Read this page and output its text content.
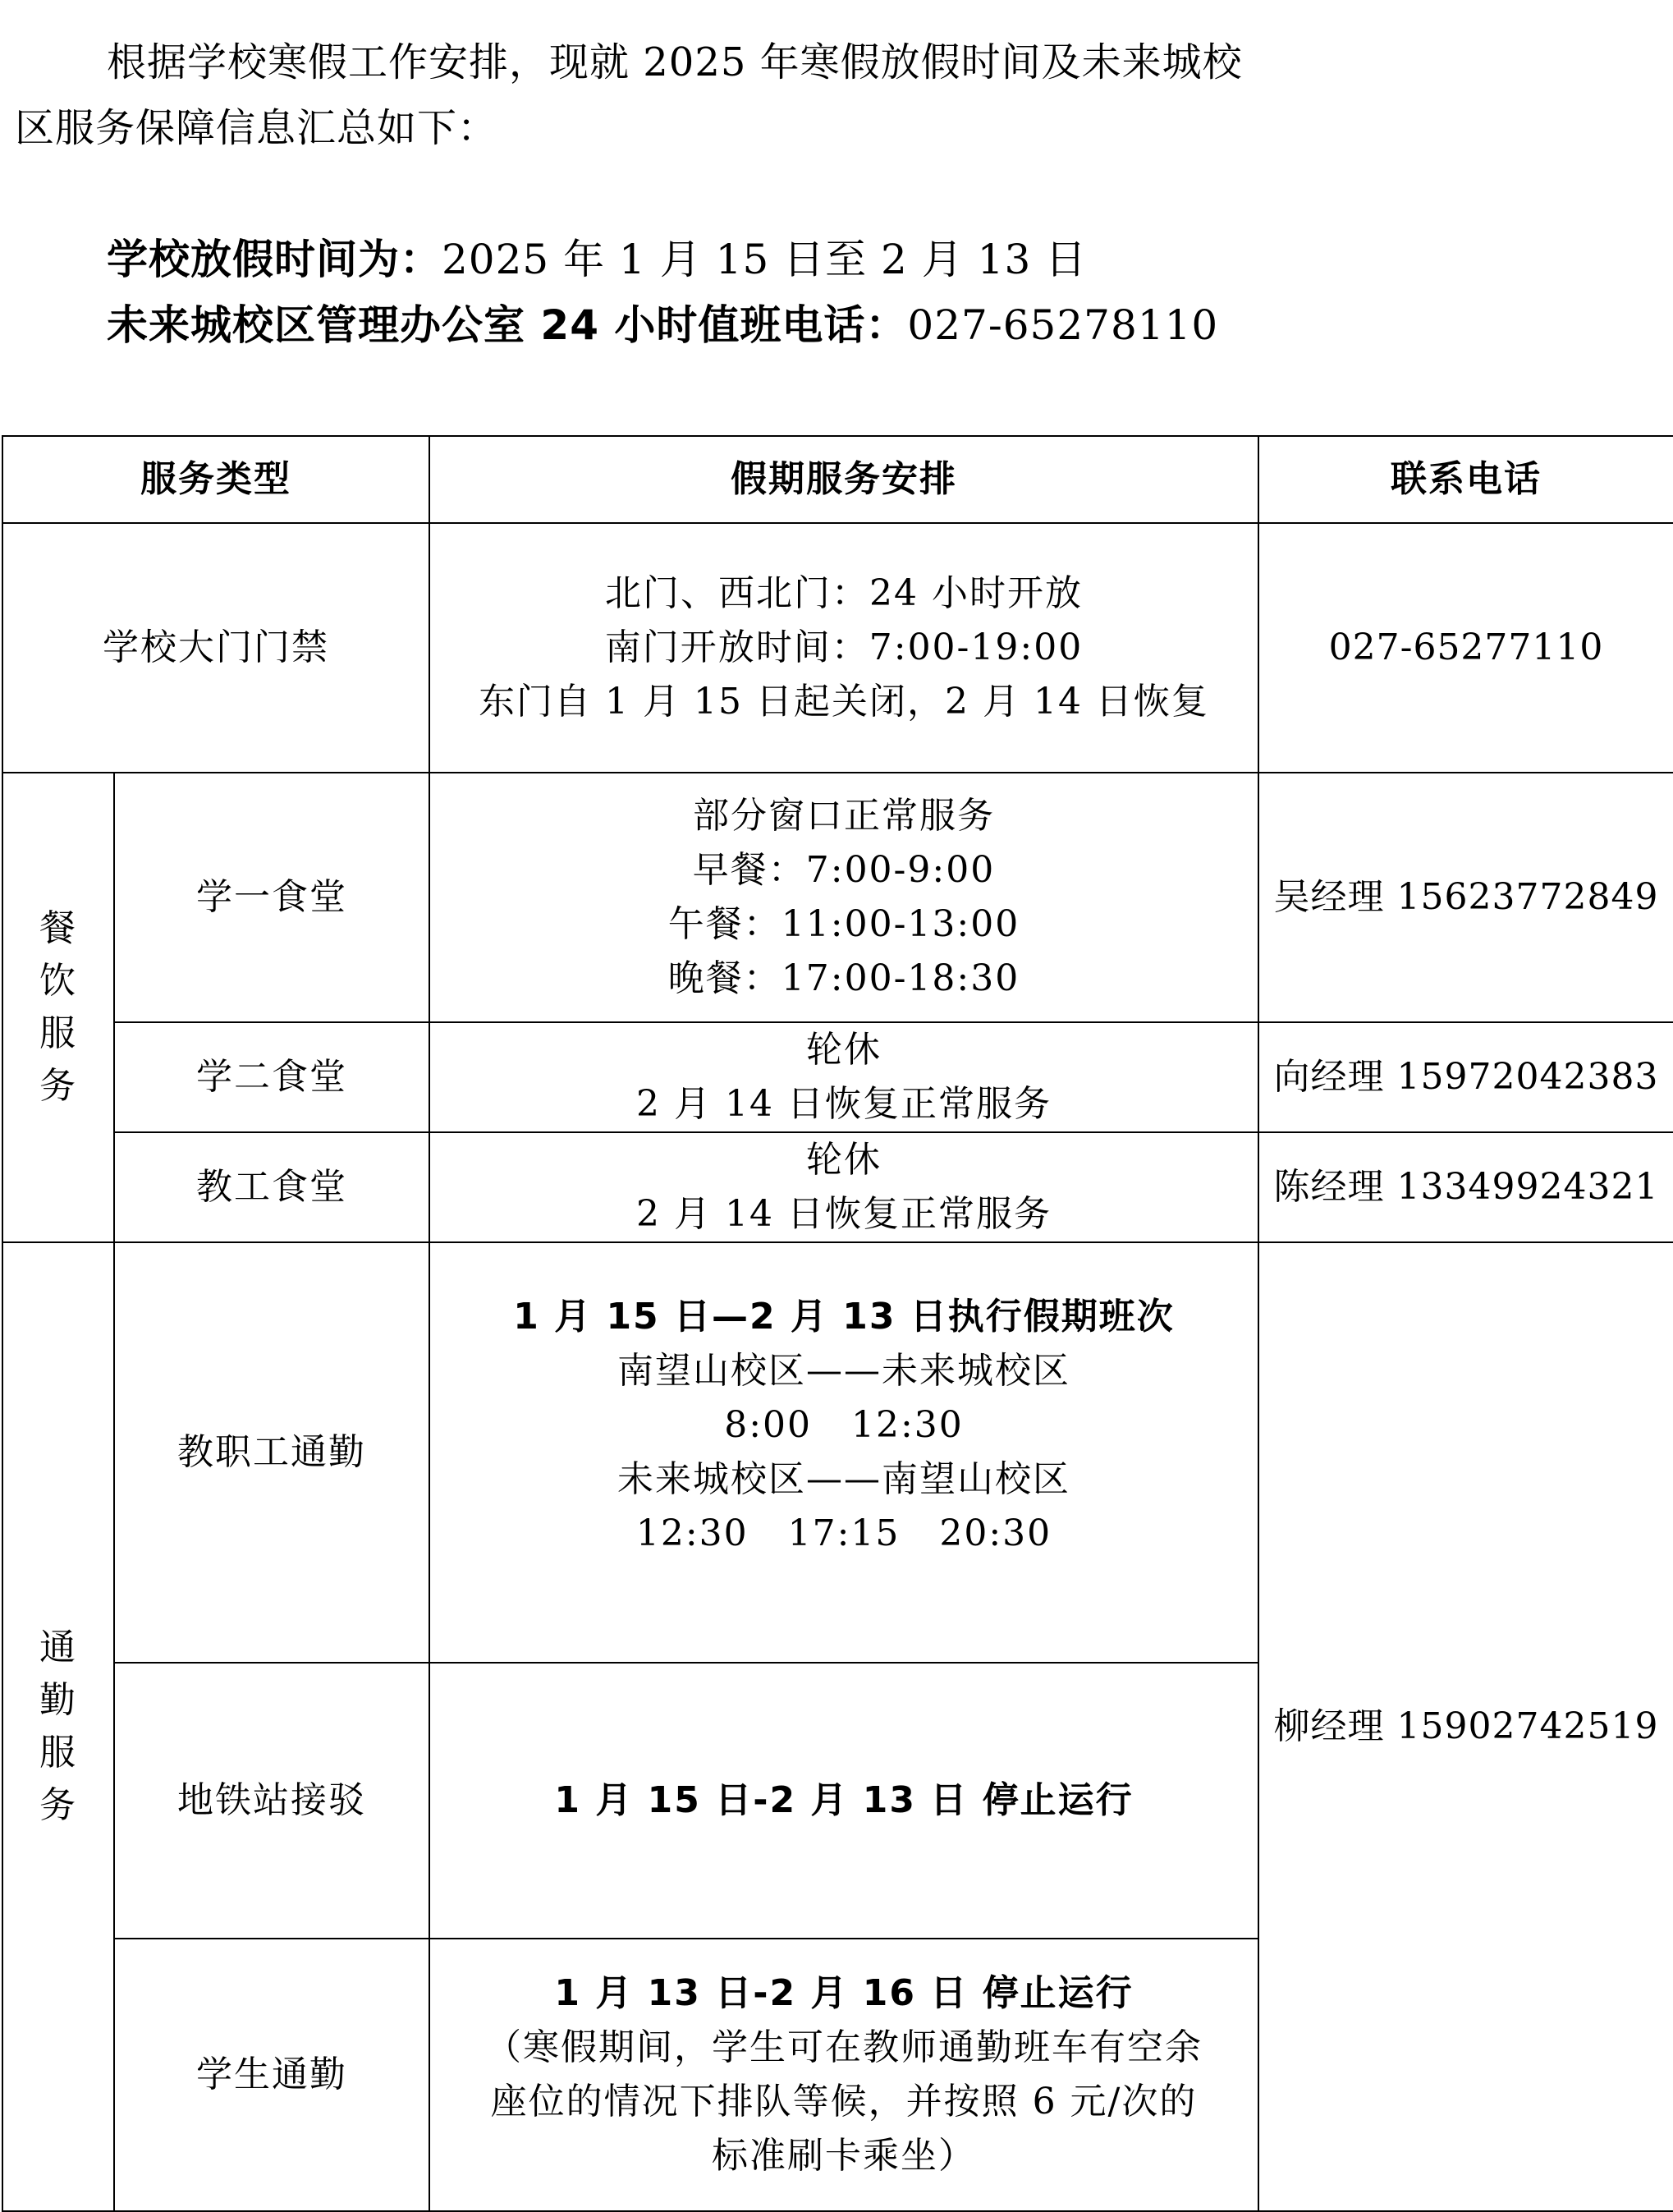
根据学校寒假工作安排，现就 2025 年寒假放假时间及未来城校
区服务保障信息汇总如下：
学校放假时间为：2025 年 1 月 15 日至 2 月 13 日
未来城校区管理办公室 24 小时值班电话：027-65278110
服务类型		假期服务安排	联系电话
学校大门门禁		北门、西北门：24 小时开放
南门开放时间：7:00-19:00
东门自 1 月 15 日起关闭，2 月 14 日恢复	027-65277110

餐
饮
服
务	学一食堂	部分窗口正常服务
早餐：7:00-9:00
午餐：11:00-13:00
晚餐：17:00-18:30	吴经理 15623772849
	学二食堂	轮休
2 月 14 日恢复正常服务	向经理 15972042383
	教工食堂	轮休
2 月 14 日恢复正常服务	陈经理 13349924321

通
勤
服
务	教职工通勤	1 月 15 日—2 月 13 日执行假期班次
南望山校区——未来城校区
8:00   12:30
未来城校区——南望山校区
12:30   17:15   20:30	柳经理 15902742519
	地铁站接驳	1 月 15 日-2 月 13 日 停止运行	
	学生通勤	1 月 13 日-2 月 16 日 停止运行
（寒假期间，学生可在教师通勤班车有空余
座位的情况下排队等候，并按照 6 元/次的
标准刷卡乘坐）	
